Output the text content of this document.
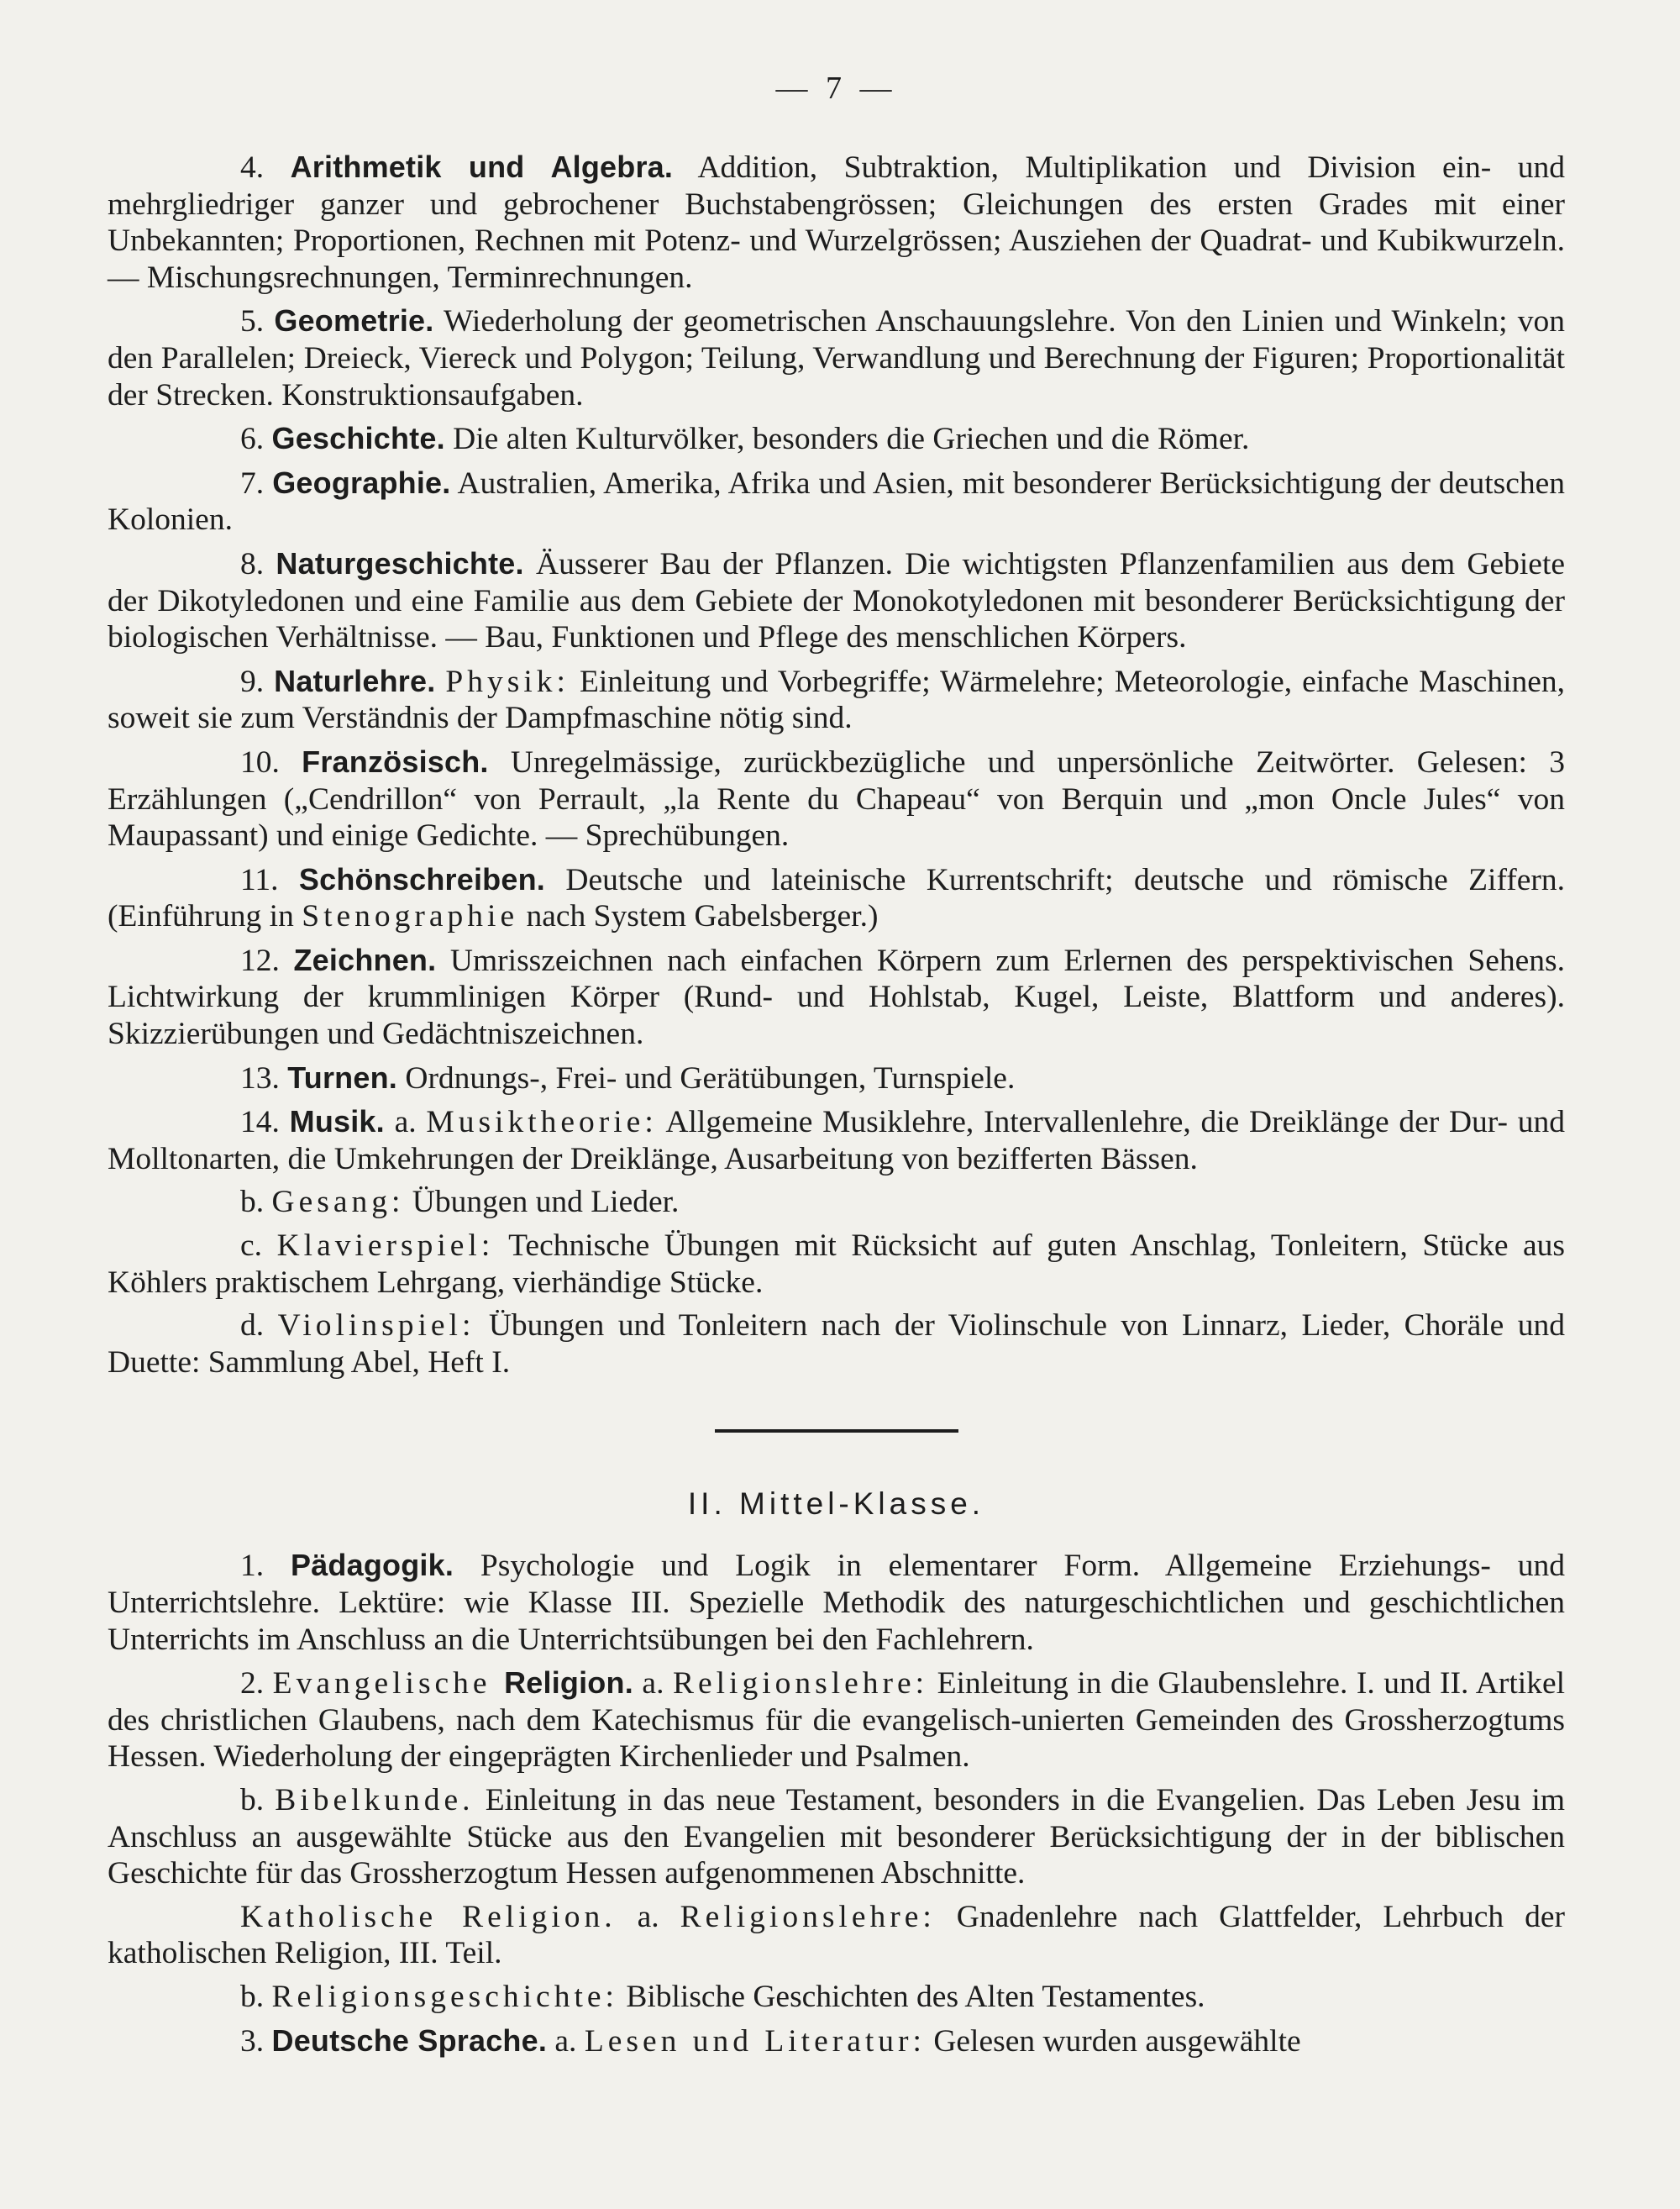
— 7 —

4. Arithmetik und Algebra. Addition, Subtraktion, Multiplikation und Division ein- und mehrgliedriger ganzer und gebrochener Buchstabengrössen; Gleichungen des ersten Grades mit einer Unbekannten; Proportionen, Rechnen mit Potenz- und Wurzelgrössen; Ausziehen der Quadrat- und Kubikwurzeln. — Mischungsrechnungen, Terminrechnungen.

5. Geometrie. Wiederholung der geometrischen Anschauungslehre. Von den Linien und Winkeln; von den Parallelen; Dreieck, Viereck und Polygon; Teilung, Verwandlung und Berechnung der Figuren; Proportionalität der Strecken. Konstruktionsaufgaben.

6. Geschichte. Die alten Kulturvölker, besonders die Griechen und die Römer.

7. Geographie. Australien, Amerika, Afrika und Asien, mit besonderer Berücksichtigung der deutschen Kolonien.

8. Naturgeschichte. Äusserer Bau der Pflanzen. Die wichtigsten Pflanzenfamilien aus dem Gebiete der Dikotyledonen und eine Familie aus dem Gebiete der Monokotyledonen mit besonderer Berücksichtigung der biologischen Verhältnisse. — Bau, Funktionen und Pflege des menschlichen Körpers.

9. Naturlehre. Physik: Einleitung und Vorbegriffe; Wärmelehre; Meteorologie, einfache Maschinen, soweit sie zum Verständnis der Dampfmaschine nötig sind.

10. Französisch. Unregelmässige, zurückbezügliche und unpersönliche Zeitwörter. Gelesen: 3 Erzählungen („Cendrillon“ von Perrault, „la Rente du Chapeau“ von Berquin und „mon Oncle Jules“ von Maupassant) und einige Gedichte. — Sprechübungen.

11. Schönschreiben. Deutsche und lateinische Kurrentschrift; deutsche und römische Ziffern. (Einführung in Stenographie nach System Gabelsberger.)

12. Zeichnen. Umrisszeichnen nach einfachen Körpern zum Erlernen des perspektivischen Sehens. Lichtwirkung der krummlinigen Körper (Rund- und Hohlstab, Kugel, Leiste, Blattform und anderes). Skizzierübungen und Gedächtniszeichnen.

13. Turnen. Ordnungs-, Frei- und Gerätübungen, Turnspiele.

14. Musik. a. Musiktheorie: Allgemeine Musiklehre, Intervallenlehre, die Dreiklänge der Dur- und Molltonarten, die Umkehrungen der Dreiklänge, Ausarbeitung von bezifferten Bässen.

b. Gesang: Übungen und Lieder.

c. Klavierspiel: Technische Übungen mit Rücksicht auf guten Anschlag, Tonleitern, Stücke aus Köhlers praktischem Lehrgang, vierhändige Stücke.

d. Violinspiel: Übungen und Tonleitern nach der Violinschule von Linnarz, Lieder, Choräle und Duette: Sammlung Abel, Heft I.

II. Mittel-Klasse.

1. Pädagogik. Psychologie und Logik in elementarer Form. Allgemeine Erziehungs- und Unterrichtslehre. Lektüre: wie Klasse III. Spezielle Methodik des naturgeschichtlichen und geschichtlichen Unterrichts im Anschluss an die Unterrichtsübungen bei den Fachlehrern.

2. Evangelische Religion. a. Religionslehre: Einleitung in die Glaubenslehre. I. und II. Artikel des christlichen Glaubens, nach dem Katechismus für die evangelisch-unierten Gemeinden des Grossherzogtums Hessen. Wiederholung der eingeprägten Kirchenlieder und Psalmen.

b. Bibelkunde. Einleitung in das neue Testament, besonders in die Evangelien. Das Leben Jesu im Anschluss an ausgewählte Stücke aus den Evangelien mit besonderer Berücksichtigung der in der biblischen Geschichte für das Grossherzogtum Hessen aufgenommenen Abschnitte.

Katholische Religion. a. Religionslehre: Gnadenlehre nach Glattfelder, Lehrbuch der katholischen Religion, III. Teil.

b. Religionsgeschichte: Biblische Geschichten des Alten Testamentes.

3. Deutsche Sprache. a. Lesen und Literatur: Gelesen wurden ausgewählte
